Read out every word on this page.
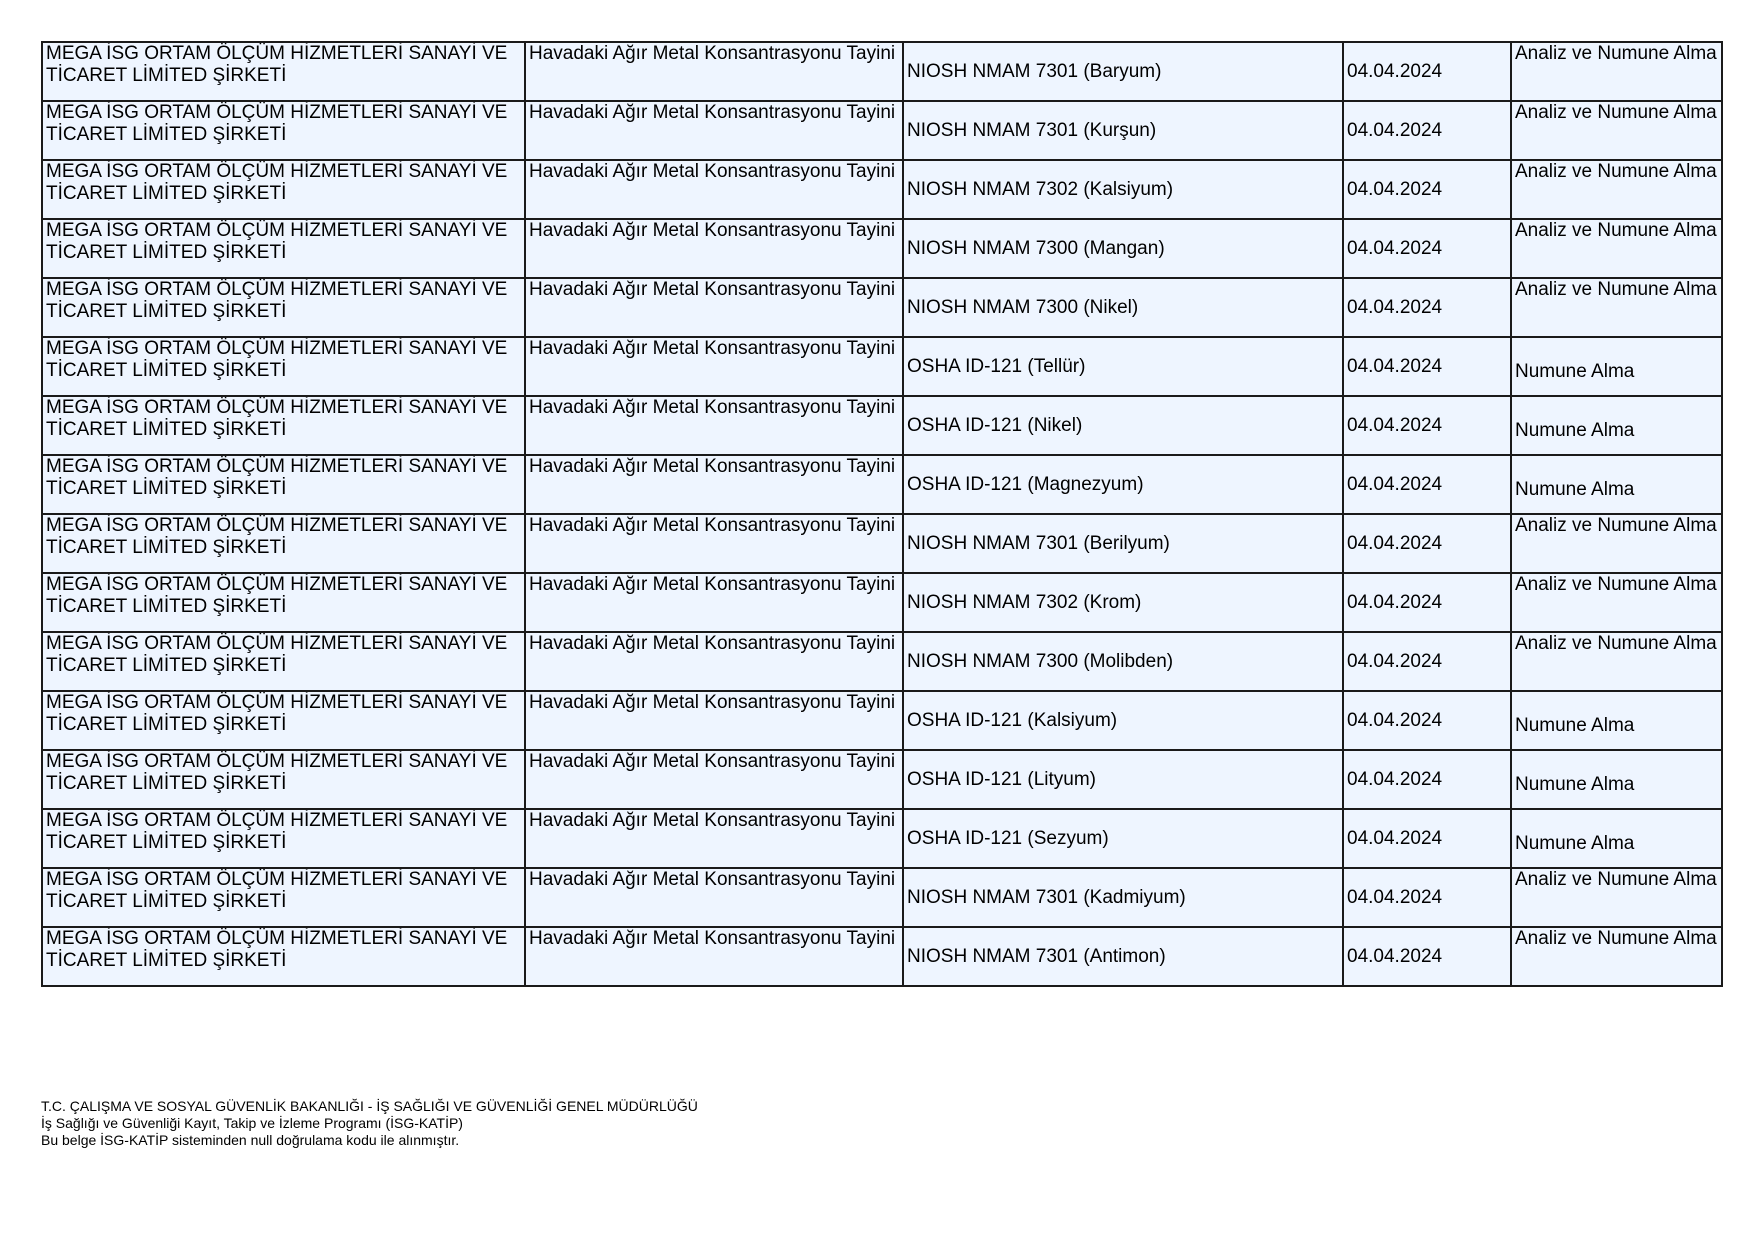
MEGA İSG ORTAM ÖLÇÜM HİZMETLERİ SANAYİ VE TİCARET LİMİTED ŞİRKETİ	Havadaki Ağır Metal Konsantrasyonu Tayini	NIOSH NMAM 7301 (Baryum)	04.04.2024	Analiz ve Numune Alma
MEGA İSG ORTAM ÖLÇÜM HİZMETLERİ SANAYİ VE TİCARET LİMİTED ŞİRKETİ	Havadaki Ağır Metal Konsantrasyonu Tayini	NIOSH NMAM 7301 (Kurşun)	04.04.2024	Analiz ve Numune Alma
MEGA İSG ORTAM ÖLÇÜM HİZMETLERİ SANAYİ VE TİCARET LİMİTED ŞİRKETİ	Havadaki Ağır Metal Konsantrasyonu Tayini	NIOSH NMAM 7302 (Kalsiyum)	04.04.2024	Analiz ve Numune Alma
MEGA İSG ORTAM ÖLÇÜM HİZMETLERİ SANAYİ VE TİCARET LİMİTED ŞİRKETİ	Havadaki Ağır Metal Konsantrasyonu Tayini	NIOSH NMAM 7300 (Mangan)	04.04.2024	Analiz ve Numune Alma
MEGA İSG ORTAM ÖLÇÜM HİZMETLERİ SANAYİ VE TİCARET LİMİTED ŞİRKETİ	Havadaki Ağır Metal Konsantrasyonu Tayini	NIOSH NMAM 7300 (Nikel)	04.04.2024	Analiz ve Numune Alma
MEGA İSG ORTAM ÖLÇÜM HİZMETLERİ SANAYİ VE TİCARET LİMİTED ŞİRKETİ	Havadaki Ağır Metal Konsantrasyonu Tayini	OSHA ID-121 (Tellür)	04.04.2024	Numune Alma
MEGA İSG ORTAM ÖLÇÜM HİZMETLERİ SANAYİ VE TİCARET LİMİTED ŞİRKETİ	Havadaki Ağır Metal Konsantrasyonu Tayini	OSHA ID-121 (Nikel)	04.04.2024	Numune Alma
MEGA İSG ORTAM ÖLÇÜM HİZMETLERİ SANAYİ VE TİCARET LİMİTED ŞİRKETİ	Havadaki Ağır Metal Konsantrasyonu Tayini	OSHA ID-121 (Magnezyum)	04.04.2024	Numune Alma
MEGA İSG ORTAM ÖLÇÜM HİZMETLERİ SANAYİ VE TİCARET LİMİTED ŞİRKETİ	Havadaki Ağır Metal Konsantrasyonu Tayini	NIOSH NMAM 7301 (Berilyum)	04.04.2024	Analiz ve Numune Alma
MEGA İSG ORTAM ÖLÇÜM HİZMETLERİ SANAYİ VE TİCARET LİMİTED ŞİRKETİ	Havadaki Ağır Metal Konsantrasyonu Tayini	NIOSH NMAM 7302 (Krom)	04.04.2024	Analiz ve Numune Alma
MEGA İSG ORTAM ÖLÇÜM HİZMETLERİ SANAYİ VE TİCARET LİMİTED ŞİRKETİ	Havadaki Ağır Metal Konsantrasyonu Tayini	NIOSH NMAM 7300 (Molibden)	04.04.2024	Analiz ve Numune Alma
MEGA İSG ORTAM ÖLÇÜM HİZMETLERİ SANAYİ VE TİCARET LİMİTED ŞİRKETİ	Havadaki Ağır Metal Konsantrasyonu Tayini	OSHA ID-121 (Kalsiyum)	04.04.2024	Numune Alma
MEGA İSG ORTAM ÖLÇÜM HİZMETLERİ SANAYİ VE TİCARET LİMİTED ŞİRKETİ	Havadaki Ağır Metal Konsantrasyonu Tayini	OSHA ID-121 (Lityum)	04.04.2024	Numune Alma
MEGA İSG ORTAM ÖLÇÜM HİZMETLERİ SANAYİ VE TİCARET LİMİTED ŞİRKETİ	Havadaki Ağır Metal Konsantrasyonu Tayini	OSHA ID-121 (Sezyum)	04.04.2024	Numune Alma
MEGA İSG ORTAM ÖLÇÜM HİZMETLERİ SANAYİ VE TİCARET LİMİTED ŞİRKETİ	Havadaki Ağır Metal Konsantrasyonu Tayini	NIOSH NMAM 7301 (Kadmiyum)	04.04.2024	Analiz ve Numune Alma
MEGA İSG ORTAM ÖLÇÜM HİZMETLERİ SANAYİ VE TİCARET LİMİTED ŞİRKETİ	Havadaki Ağır Metal Konsantrasyonu Tayini	NIOSH NMAM 7301 (Antimon)	04.04.2024	Analiz ve Numune Alma
T.C. ÇALIŞMA VE SOSYAL GÜVENLİK BAKANLIĞI - İŞ SAĞLIĞI VE GÜVENLİĞİ GENEL MÜDÜRLÜĞÜ
İş Sağlığı ve Güvenliği Kayıt, Takip ve İzleme Programı (İSG-KATİP)
Bu belge İSG-KATİP sisteminden null doğrulama kodu ile alınmıştır.
